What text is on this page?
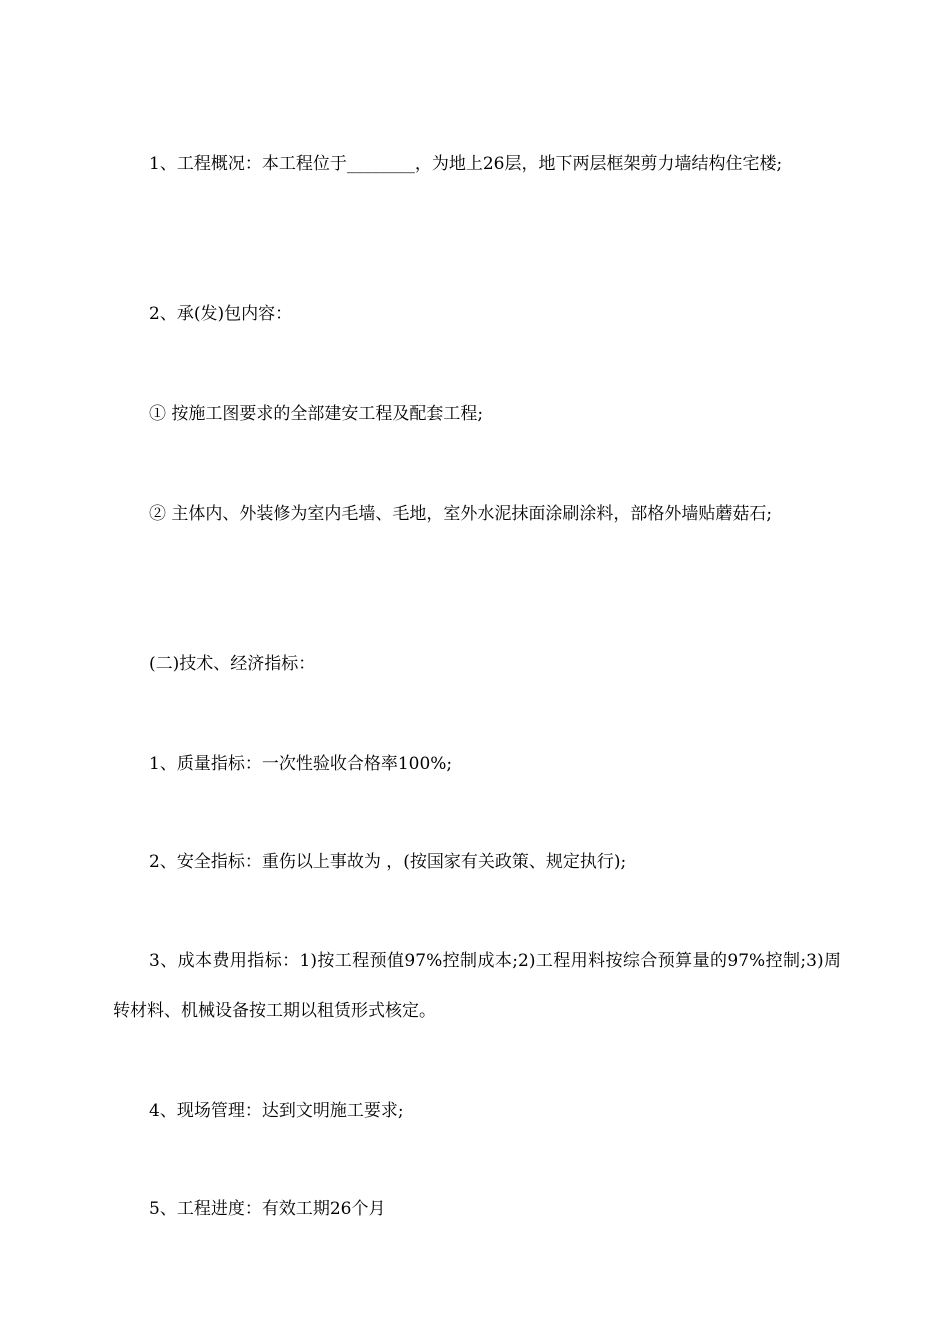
1、工程概况：本工程位于________，为地上26层，地下两层框架剪力墙结构住宅楼;

2、承(发)包内容：

① 按施工图要求的全部建安工程及配套工程;

② 主体内、外装修为室内毛墙、毛地，室外水泥抹面涂刷涂料，部格外墙贴蘑菇石;

(二)技术、经济指标：

1、质量指标：一次性验收合格率100%;

2、安全指标：重伤以上事故为 ，(按国家有关政策、规定执行);

3、成本费用指标：1)按工程预值97%控制成本;2)工程用料按综合预算量的97%控制;3)周转材料、机械设备按工期以租赁形式核定。

4、现场管理：达到文明施工要求;

5、工程进度：有效工期26个月
